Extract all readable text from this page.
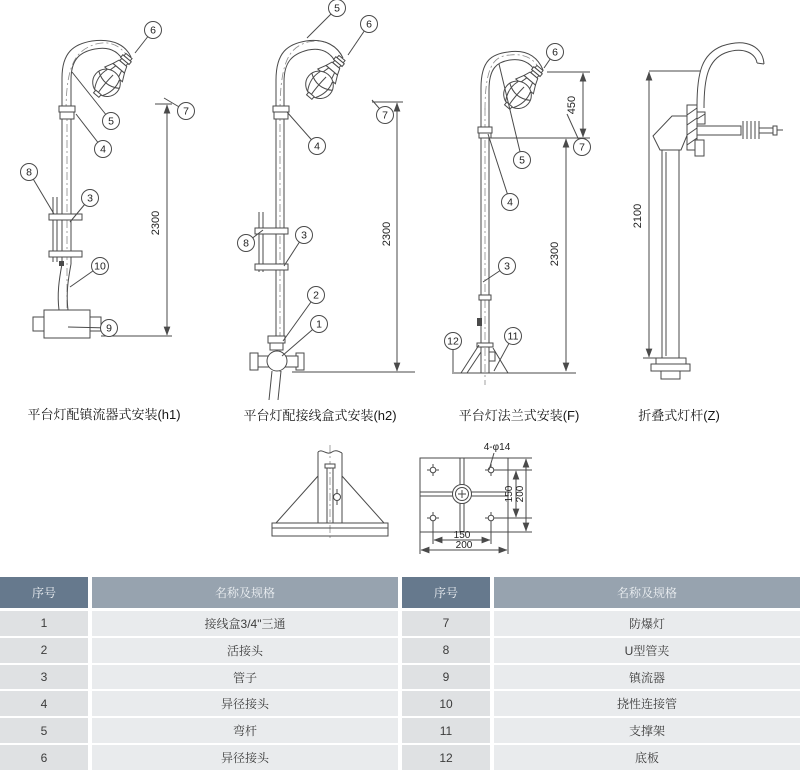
2300
6
7
5
4
8
3
10
9
2300
5
6
7
4
8
3
2
1
450
2300
6
7
5
4
3
12	11
2100
4-φ14
150 200
150
200
平台灯配镇流器式安装(h1)	平台灯配接线盒式安装(h2)	平台灯法兰式安装(F)	折叠式灯杆(Z)
序号	名称及规格
1	接线盒3/4"三通
2	活接头
3	管子
4	异径接头
5	弯杆
6	异径接头
序号	名称及规格
7	防爆灯
8	U型管夹
9	镇流器
10	挠性连接管
11	支撑架
12	底板
